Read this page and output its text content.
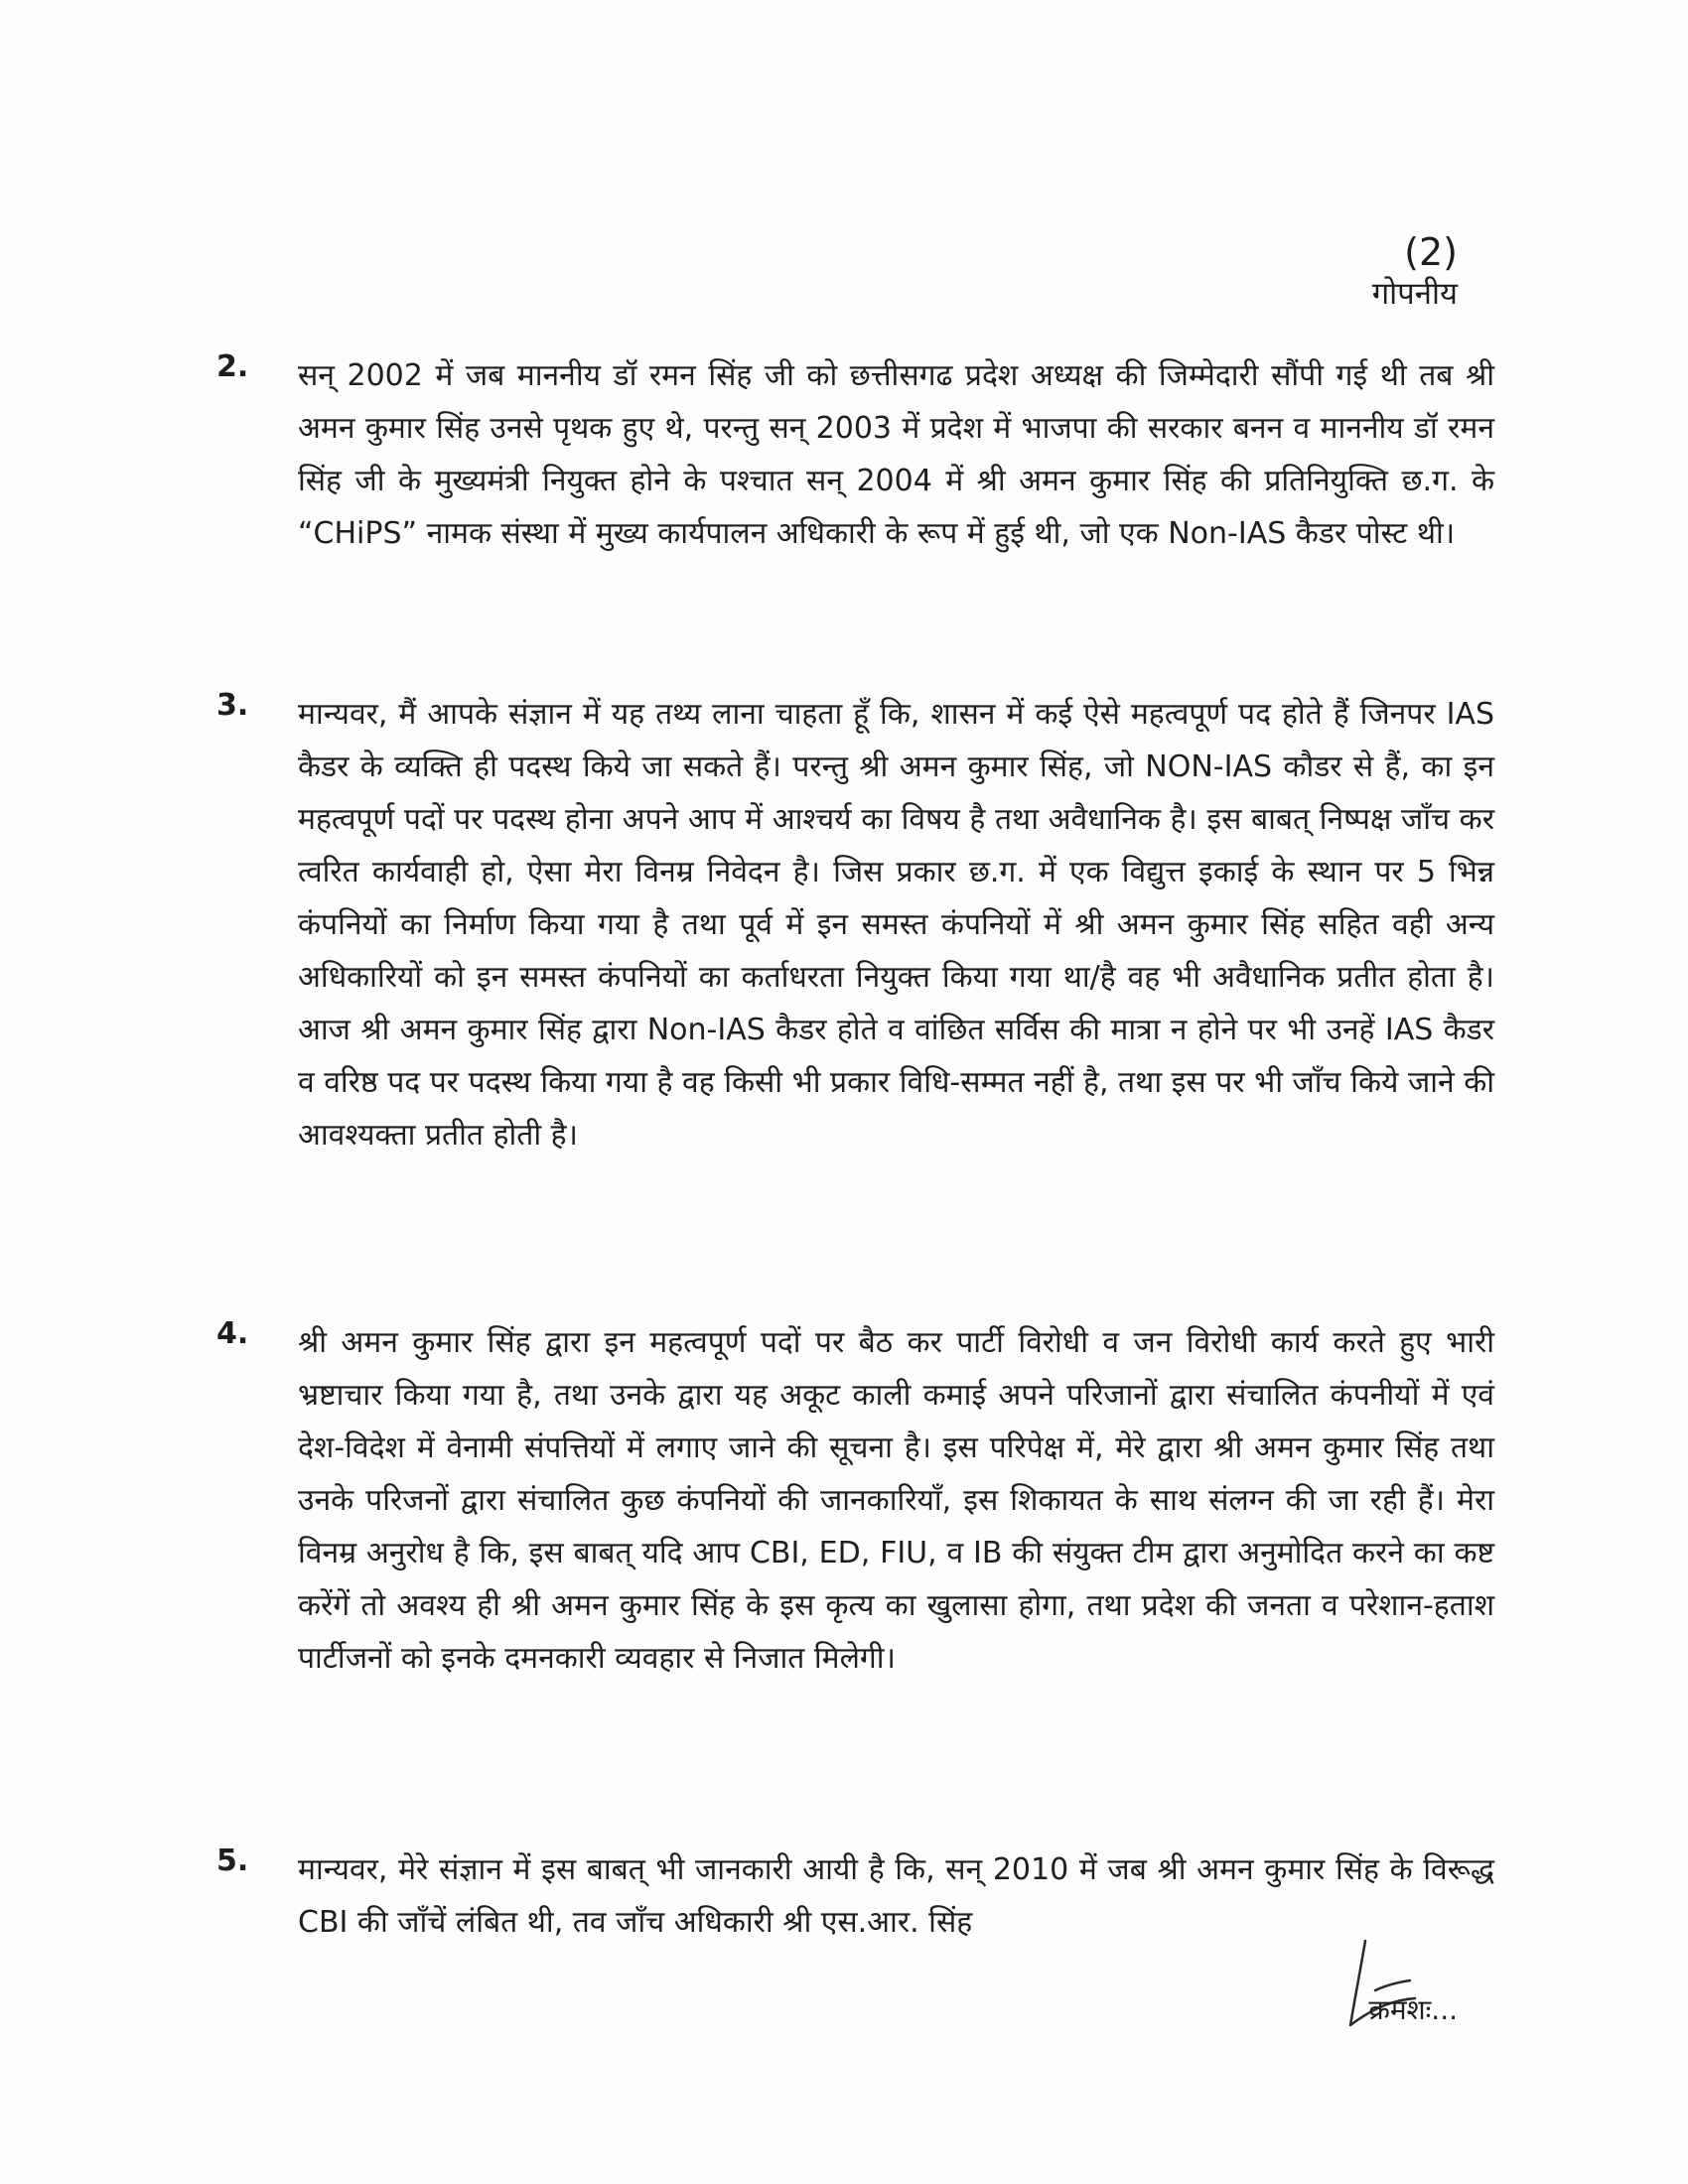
(2)
गोपनीय
2. सन् 2002 में जब माननीय डॉ रमन सिंह जी को छत्तीसगढ प्रदेश अध्यक्ष की जिम्मेदारी सौंपी गई थी तब श्री अमन कुमार सिंह उनसे पृथक हुए थे, परन्तु सन् 2003 में प्रदेश में भाजपा की सरकार बनन व माननीय डॉ रमन सिंह जी के मुख्यमंत्री नियुक्त होने के पश्चात सन् 2004 में श्री अमन कुमार सिंह की प्रतिनियुक्ति छ.ग. के “CHiPS” नामक संस्था में मुख्य कार्यपालन अधिकारी के रूप में हुई थी, जो एक Non-IAS कैडर पोस्ट थी।

3. मान्यवर, मैं आपके संज्ञान में यह तथ्य लाना चाहता हूँ कि, शासन में कई ऐसे महत्वपूर्ण पद होते हैं जिनपर IAS कैडर के व्यक्ति ही पदस्थ किये जा सकते हैं। परन्तु श्री अमन कुमार सिंह, जो NON-IAS कौडर से हैं, का इन महत्वपूर्ण पदों पर पदस्थ होना अपने आप में आश्चर्य का विषय है तथा अवैधानिक है। इस बाबत् निष्पक्ष जाँच कर त्वरित कार्यवाही हो, ऐसा मेरा विनम्र निवेदन है। जिस प्रकार छ.ग. में एक विद्युत्त इकाई के स्थान पर 5 भिन्न कंपनियों का निर्माण किया गया है तथा पूर्व में इन समस्त कंपनियों में श्री अमन कुमार सिंह सहित वही अन्य अधिकारियों को इन समस्त कंपनियों का कर्ताधरता नियुक्त किया गया था/है वह भी अवैधानिक प्रतीत होता है। आज श्री अमन कुमार सिंह द्वारा Non-IAS कैडर होते व वांछित सर्विस की मात्रा न होने पर भी उनहें IAS कैडर व वरिष्ठ पद पर पदस्थ किया गया है वह किसी भी प्रकार विधि-सम्मत नहीं है, तथा इस पर भी जाँच किये जाने की आवश्यक्ता प्रतीत होती है।

4. श्री अमन कुमार सिंह द्वारा इन महत्वपूर्ण पदों पर बैठ कर पार्टी विरोधी व जन विरोधी कार्य करते हुए भारी भ्रष्टाचार किया गया है, तथा उनके द्वारा यह अकूट काली कमाई अपने परिजानों द्वारा संचालित कंपनीयों में एवं देश-विदेश में वेनामी संपत्तियों में लगाए जाने की सूचना है। इस परिपेक्ष में, मेरे द्वारा श्री अमन कुमार सिंह तथा उनके परिजनों द्वारा संचालित कुछ कंपनियों की जानकारियाँ, इस शिकायत के साथ संलग्न की जा रही हैं। मेरा विनम्र अनुरोध है कि, इस बाबत् यदि आप CBI, ED, FIU, व IB की संयुक्त टीम द्वारा अनुमोदित करने का कष्ट करेंगें तो अवश्य ही श्री अमन कुमार सिंह के इस कृत्य का खुलासा होगा, तथा प्रदेश की जनता व परेशान-हताश पार्टीजनों को इनके दमनकारी व्यवहार से निजात मिलेगी।

5. मान्यवर, मेरे संज्ञान में इस बाबत् भी जानकारी आयी है कि, सन् 2010 में जब श्री अमन कुमार सिंह के विरूद्ध CBI की जाँचें लंबित थी, तव जाँच अधिकारी श्री एस.आर. सिंह

क्रमशः...
